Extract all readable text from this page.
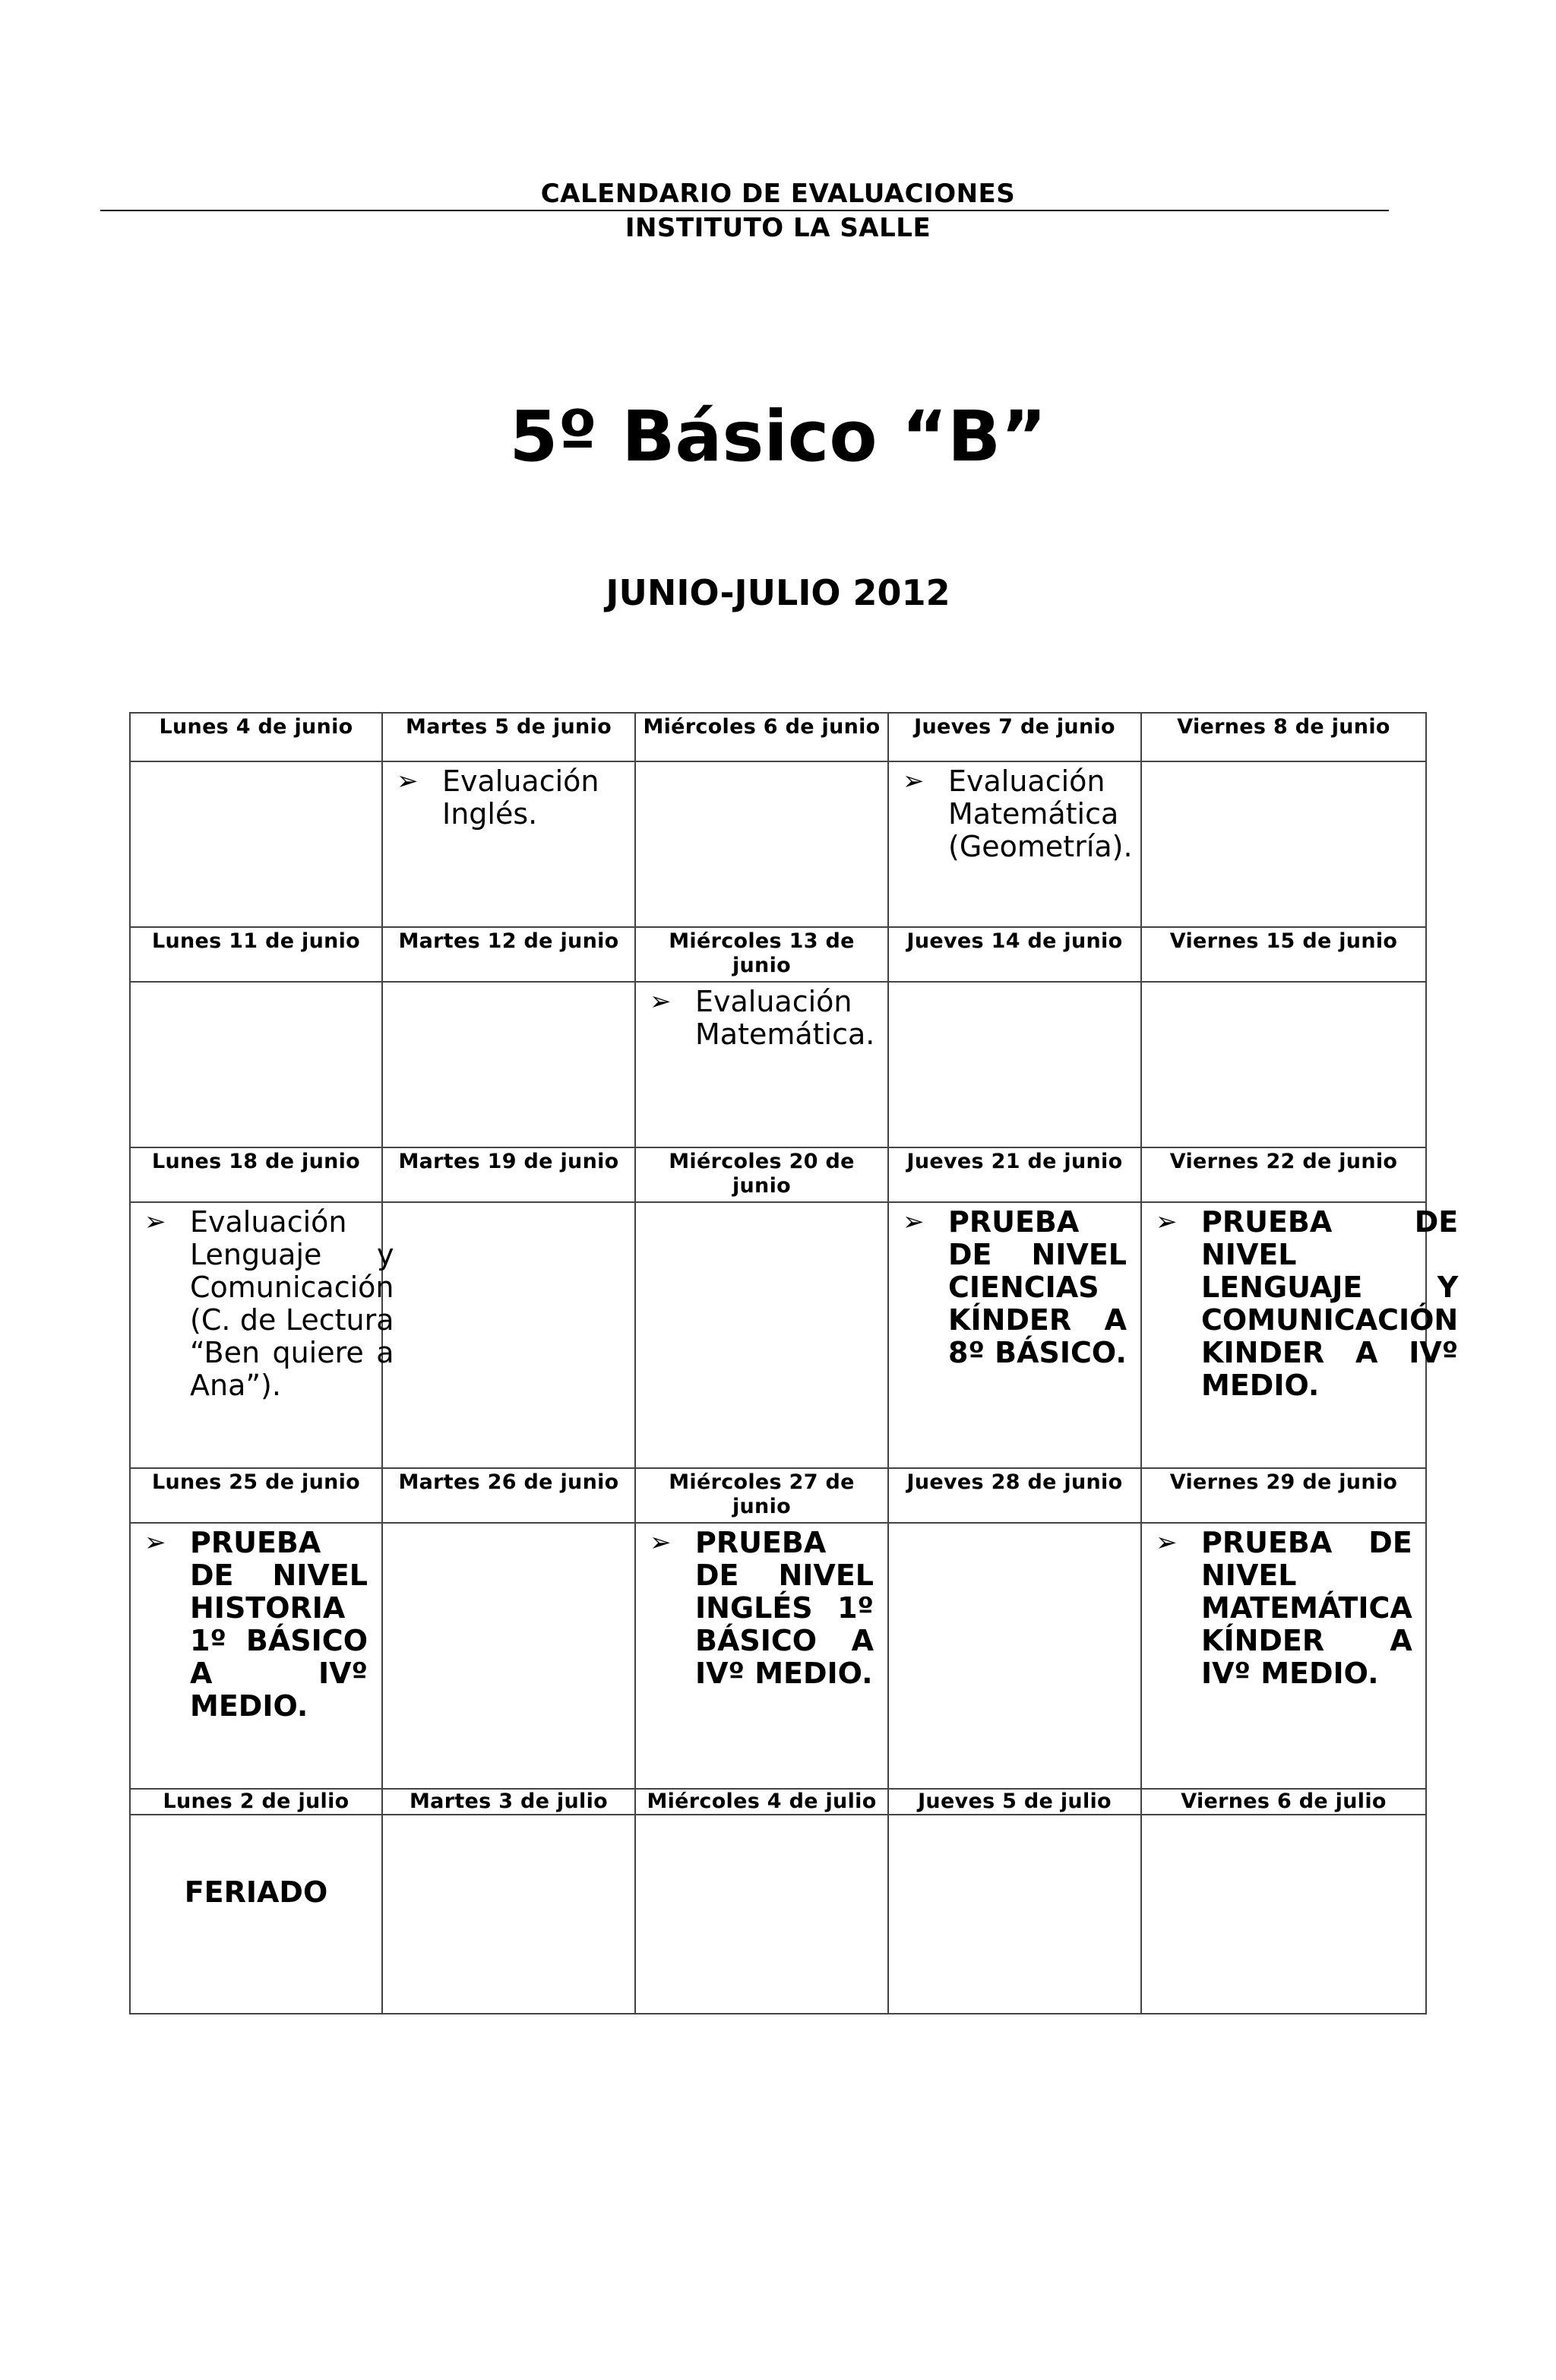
CALENDARIO DE EVALUACIONES
INSTITUTO LA SALLE
5º Básico “B”
JUNIO-JULIO 2012
Lunes 4 de junio	Martes 5 de junio	Miércoles 6 de junio	Jueves 7 de junio	Viernes 8 de junio

	➢ Evaluación Inglés.		➢ Evaluación Matemática (Geometría).	

Lunes 11 de junio	Martes 12 de junio	Miércoles 13 de junio	Jueves 14 de junio	Viernes 15 de junio

		➢ Evaluación Matemática.		

Lunes 18 de junio	Martes 19 de junio	Miércoles 20 de junio	Jueves 21 de junio	Viernes 22 de junio

➢ Evaluación Lenguaje y Comunicación (C. de Lectura “Ben quiere a Ana”).			➢ PRUEBA DE NIVEL CIENCIAS KÍNDER A 8º BÁSICO.	➢ PRUEBA DE NIVEL LENGUAJE Y COMUNICACIÓN KINDER A IVº MEDIO.

Lunes 25 de junio	Martes 26 de junio	Miércoles 27 de junio	Jueves 28 de junio	Viernes 29 de junio

➢ PRUEBA DE NIVEL HISTORIA 1º BÁSICO A IVº MEDIO.		➢ PRUEBA DE NIVEL INGLÉS 1º BÁSICO A IVº MEDIO.		➢ PRUEBA DE NIVEL MATEMÁTICA KÍNDER A IVº MEDIO.

Lunes 2 de julio	Martes 3 de julio	Miércoles 4 de julio	Jueves 5 de julio	Viernes 6 de julio

FERIADO				
